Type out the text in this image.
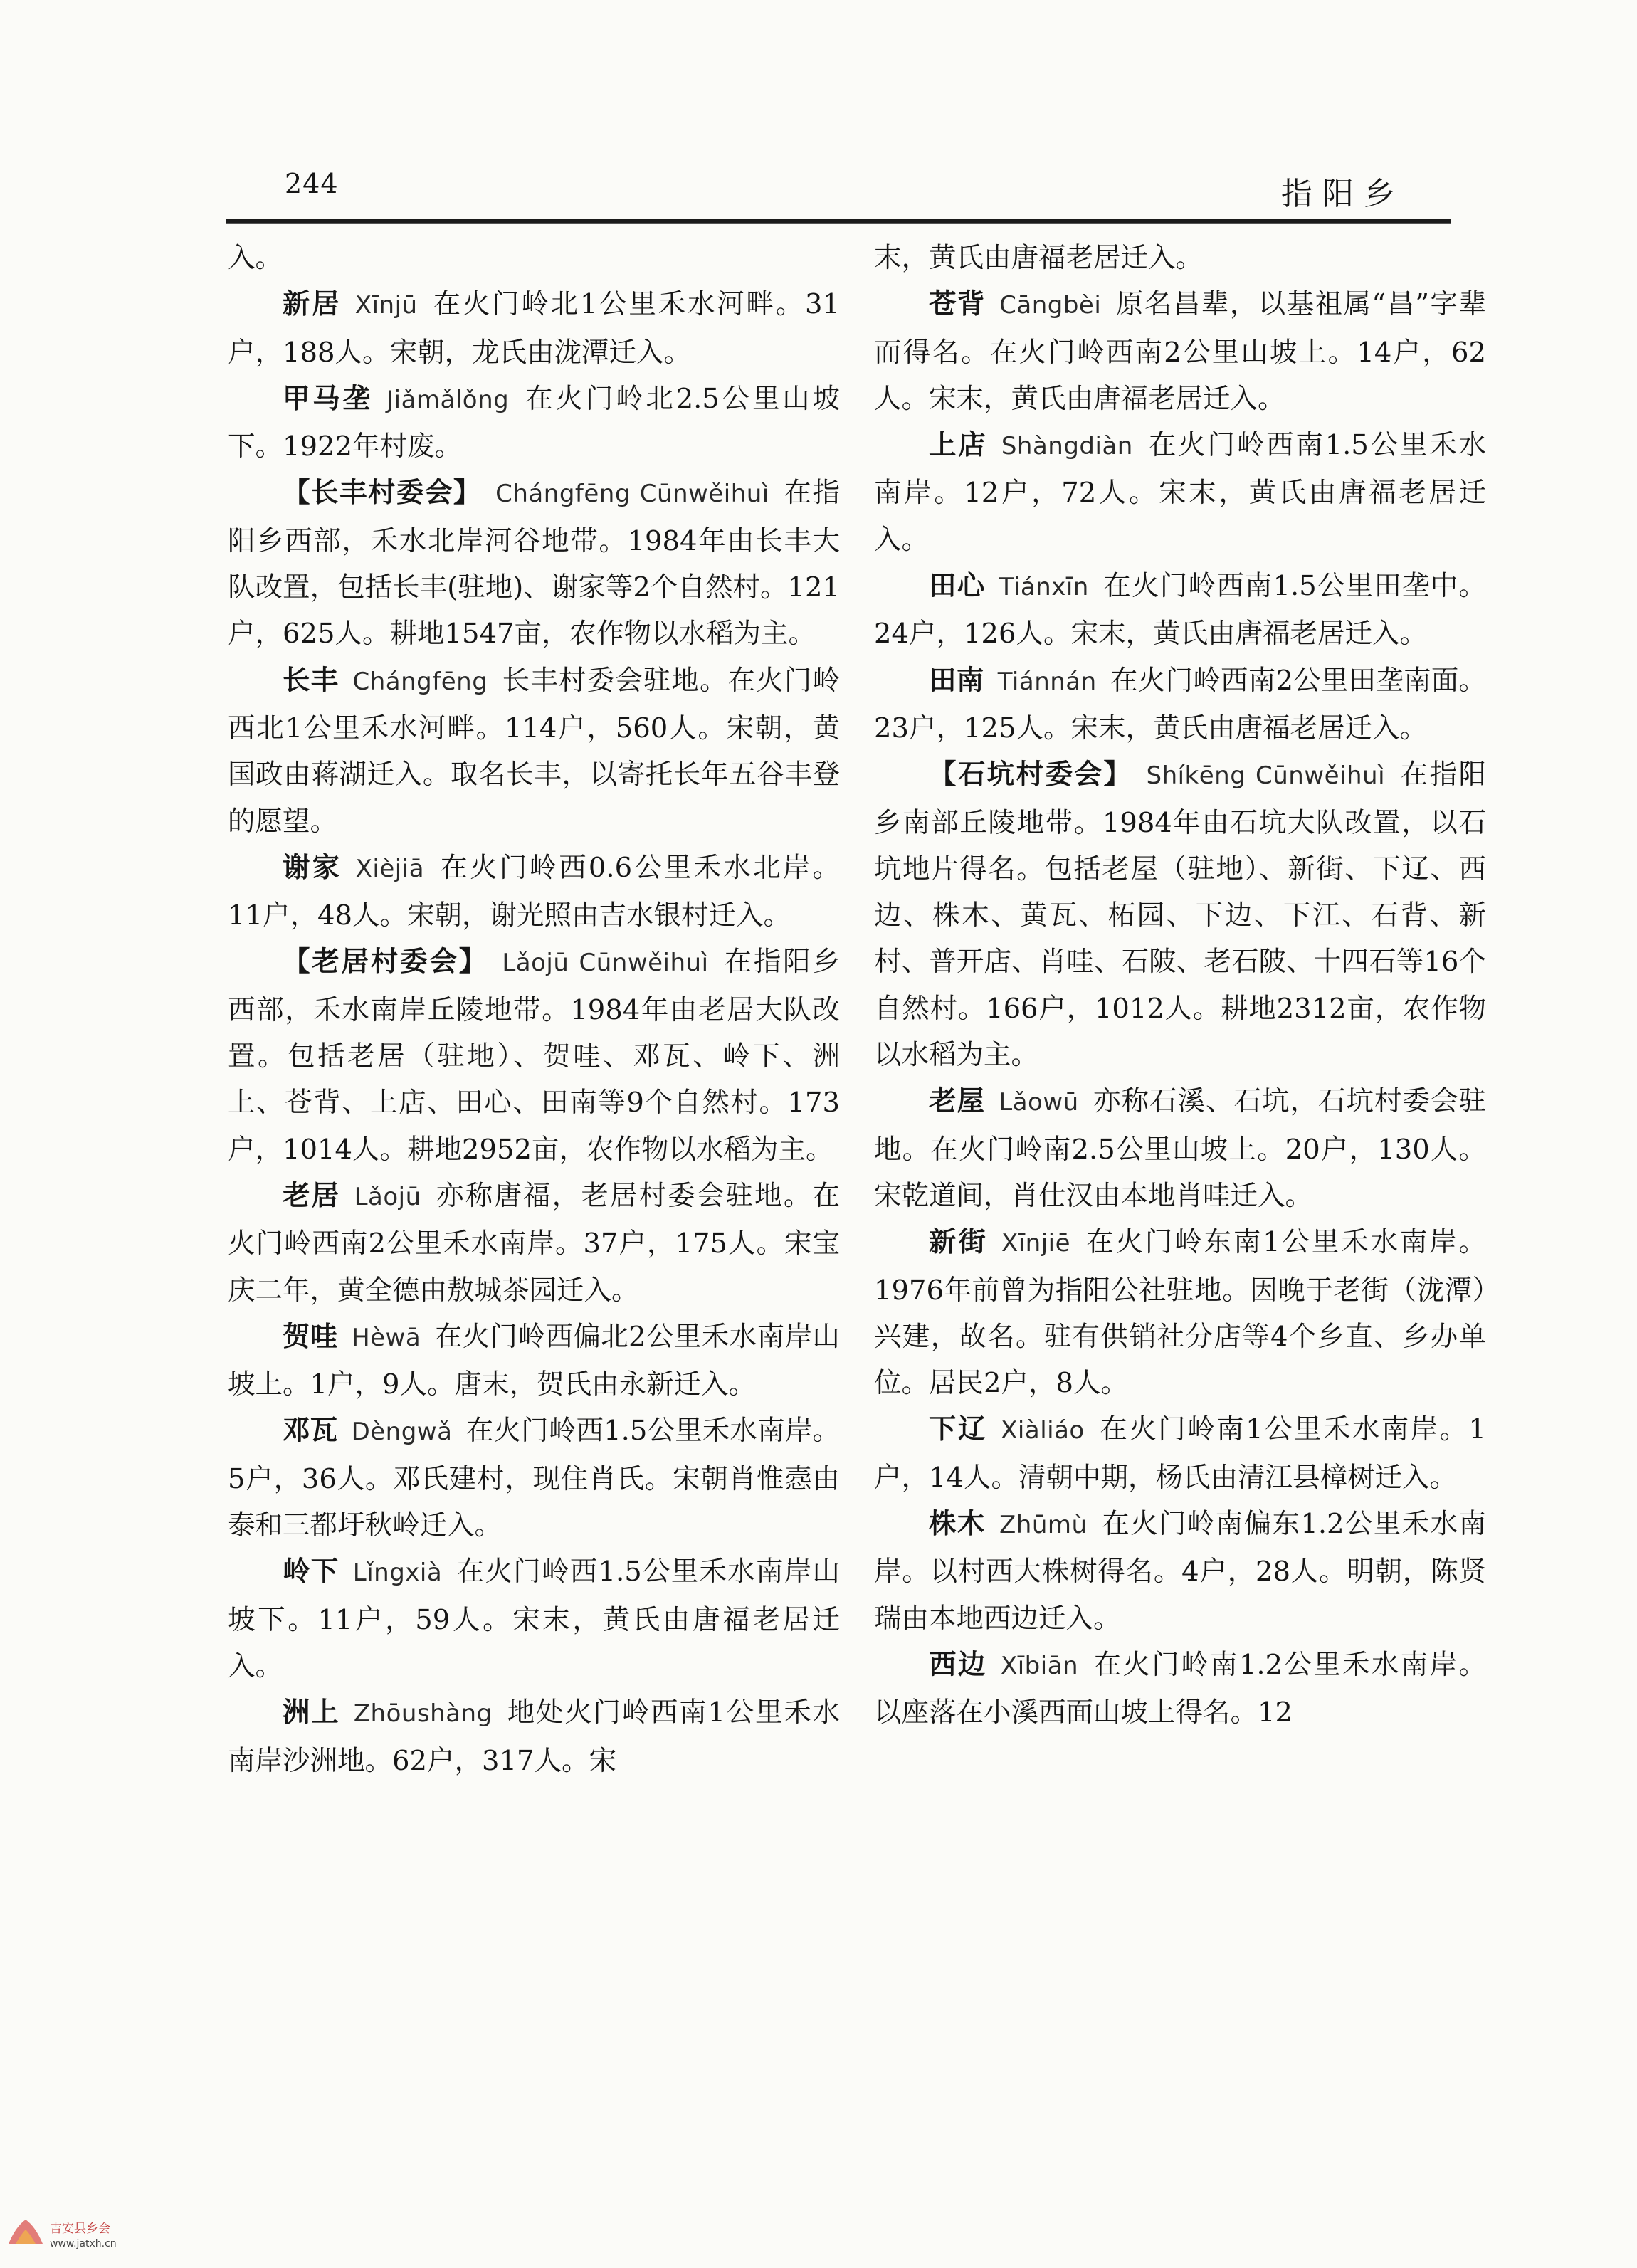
244	指阳乡

入。

新居  Xīnjū  在火门岭北1公里禾水河畔。31户，188人。宋朝，龙氏由泷潭迁入。

甲马垄  Jiǎmǎlǒng  在火门岭北2.5公里山坡下。1922年村废。

【长丰村委会】  Chángfēng Cūnwěihuì  在指阳乡西部，禾水北岸河谷地带。1984年由长丰大队改置，包括长丰(驻地)、谢家等2个自然村。121户，625人。耕地1547亩，农作物以水稻为主。

长丰  Chángfēng  长丰村委会驻地。在火门岭西北1公里禾水河畔。114户，560人。宋朝，黄国政由蒋湖迁入。取名长丰，以寄托长年五谷丰登的愿望。

谢家  Xièjiā  在火门岭西0.6公里禾水北岸。11户，48人。宋朝，谢光照由吉水银村迁入。

【老居村委会】  Lǎojū Cūnwěihuì  在指阳乡西部，禾水南岸丘陵地带。1984年由老居大队改置。包括老居（驻地）、贺哇、邓瓦、岭下、洲上、苍背、上店、田心、田南等9个自然村。173户，1014人。耕地2952亩，农作物以水稻为主。

老居  Lǎojū  亦称唐福，老居村委会驻地。在火门岭西南2公里禾水南岸。37户，175人。宋宝庆二年，黄全德由敖城茶园迁入。

贺哇  Hèwā  在火门岭西偏北2公里禾水南岸山坡上。1户，9人。唐末，贺氏由永新迁入。

邓瓦  Dèngwǎ  在火门岭西1.5公里禾水南岸。5户，36人。邓氏建村，现住肖氏。宋朝肖惟悫由泰和三都圩秋岭迁入。

岭下  Lǐngxià  在火门岭西1.5公里禾水南岸山坡下。11户，59人。宋末，黄氏由唐福老居迁入。

洲上  Zhōushàng  地处火门岭西南1公里禾水南岸沙洲地。62户，317人。宋

末，黄氏由唐福老居迁入。

苍背  Cāngbèi  原名昌辈，以基祖属“昌”字辈而得名。在火门岭西南2公里山坡上。14户，62人。宋末，黄氏由唐福老居迁入。

上店  Shàngdiàn  在火门岭西南1.5公里禾水南岸。12户，72人。宋末，黄氏由唐福老居迁入。

田心  Tiánxīn  在火门岭西南1.5公里田垄中。24户，126人。宋末，黄氏由唐福老居迁入。

田南  Tiánnán  在火门岭西南2公里田垄南面。23户，125人。宋末，黄氏由唐福老居迁入。

【石坑村委会】  Shíkēng Cūnwěihuì  在指阳乡南部丘陵地带。1984年由石坑大队改置，以石坑地片得名。包括老屋（驻地）、新街、下辽、西边、株木、黄瓦、柘园、下边、下江、石背、新村、普开店、肖哇、石陂、老石陂、十四石等16个自然村。166户，1012人。耕地2312亩，农作物以水稻为主。

老屋  Lǎowū  亦称石溪、石坑，石坑村委会驻地。在火门岭南2.5公里山坡上。20户，130人。宋乾道间，肖仕汉由本地肖哇迁入。

新街  Xīnjiē  在火门岭东南1公里禾水南岸。1976年前曾为指阳公社驻地。因晚于老街（泷潭）兴建，故名。驻有供销社分店等4个乡直、乡办单位。居民2户，8人。

下辽  Xiàliáo  在火门岭南1公里禾水南岸。1户，14人。清朝中期，杨氏由清江县樟树迁入。

株木  Zhūmù  在火门岭南偏东1.2公里禾水南岸。以村西大株树得名。4户，28人。明朝，陈贤瑞由本地西边迁入。

西边  Xībiān  在火门岭南1.2公里禾水南岸。以座落在小溪西面山坡上得名。12

吉安县乡会
www.jatxh.cn
